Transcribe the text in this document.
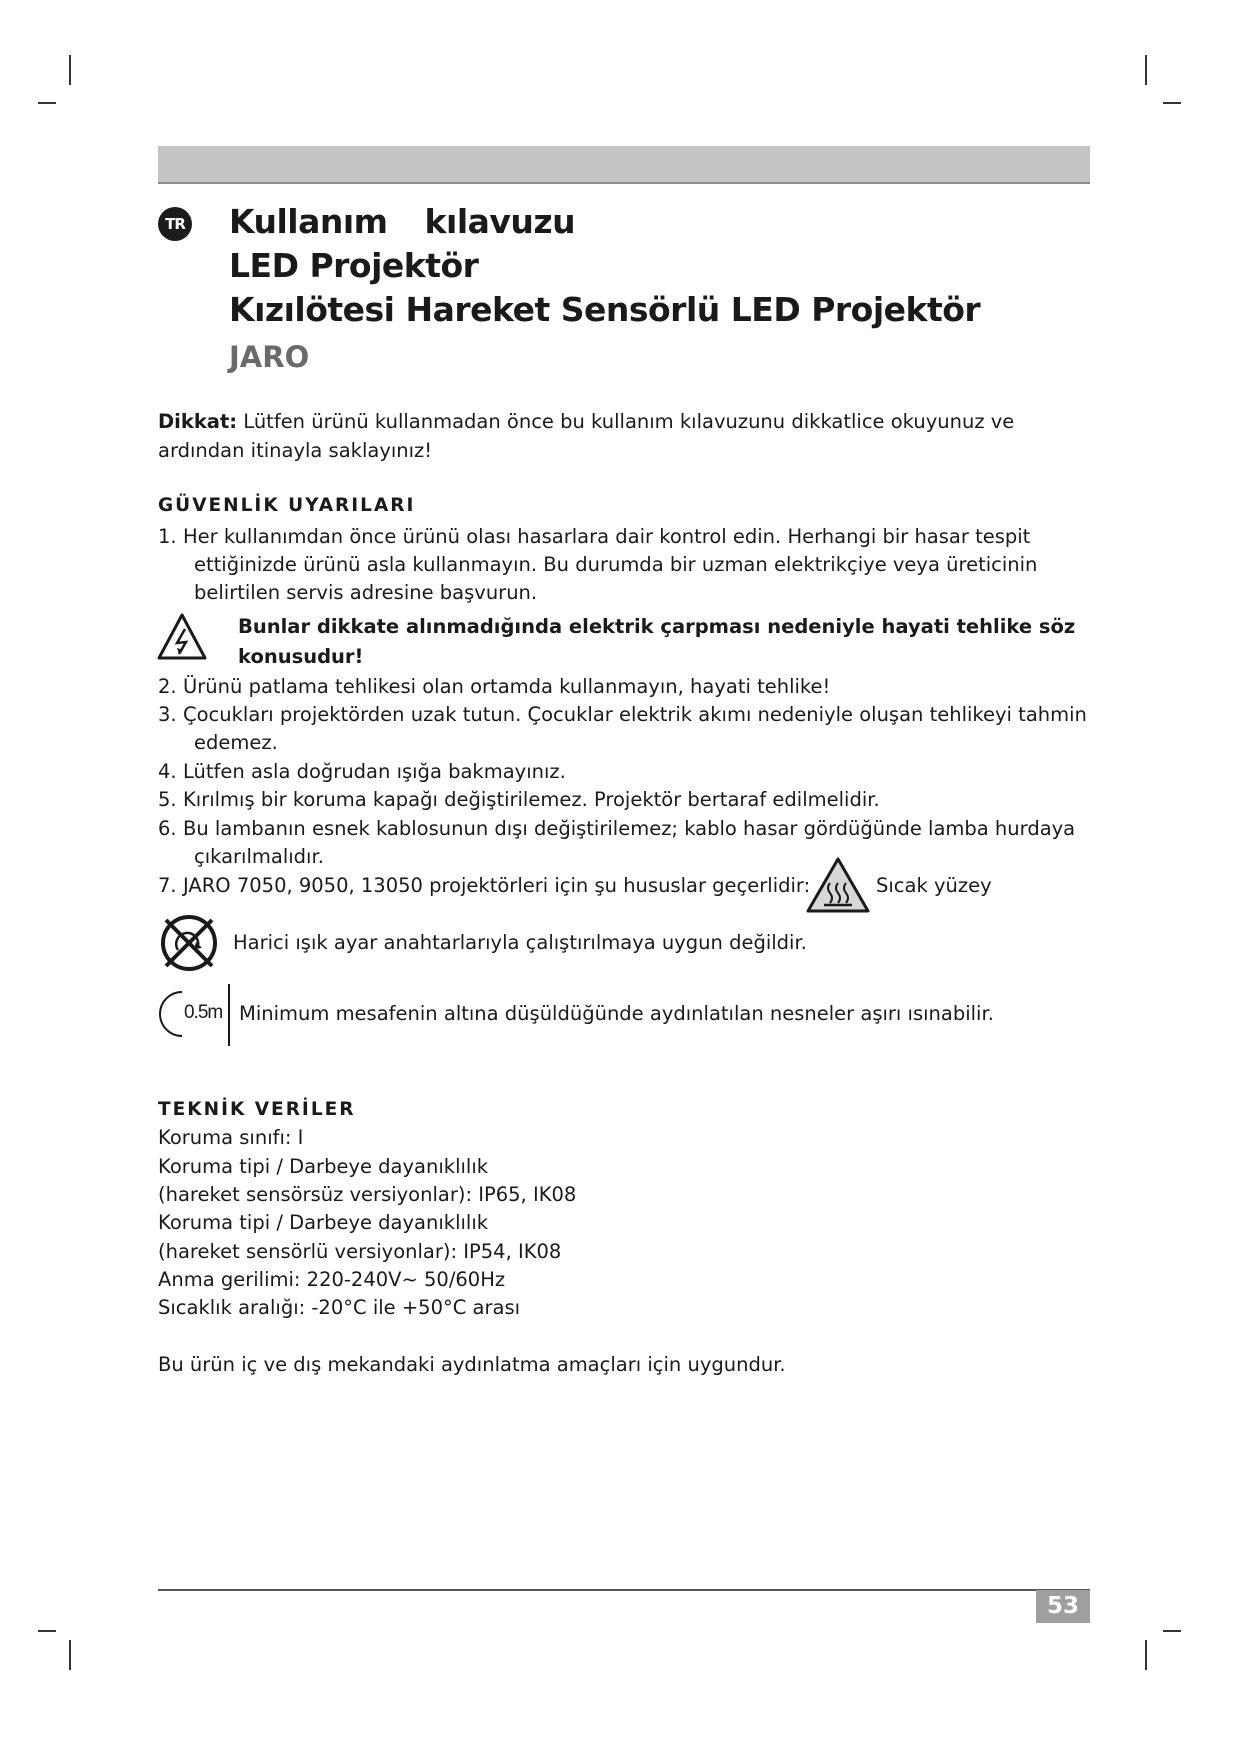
TR Kullanım kılavuzu
LED Projektör
Kızılötesi Hareket Sensörlü LED Projektör
JARO
Dikkat: Lütfen ürünü kullanmadan önce bu kullanım kılavuzunu dikkatlice okuyunuz ve ardından itinayla saklayınız!
GÜVENLİK UYARILARI
1. Her kullanımdan önce ürünü olası hasarlara dair kontrol edin. Herhangi bir hasar tespit
ettiğinizde ürünü asla kullanmayın. Bu durumda bir uzman elektrikçiye veya üreticinin
belirtilen servis adresine başvurun.
Bunlar dikkate alınmadığında elektrik çarpması nedeniyle hayati tehlike söz konusudur!
2. Ürünü patlama tehlikesi olan ortamda kullanmayın, hayati tehlike!
3. Çocukları projektörden uzak tutun. Çocuklar elektrik akımı nedeniyle oluşan tehlikeyi tahmin
edemez.
4. Lütfen asla doğrudan ışığa bakmayınız.
5. Kırılmış bir koruma kapağı değiştirilemez. Projektör bertaraf edilmelidir.
6. Bu lambanın esnek kablosunun dışı değiştirilemez; kablo hasar gördüğünde lamba hurdaya
çıkarılmalıdır.
7. JARO 7050, 9050, 13050 projektörleri için şu hususlar geçerlidir:	Sıcak yüzey
Harici ışık ayar anahtarlarıyla çalıştırılmaya uygun değildir.
0.5m Minimum mesafenin altına düşüldüğünde aydınlatılan nesneler aşırı ısınabilir.
TEKNİK VERİLER
Koruma sınıfı: I
Koruma tipi / Darbeye dayanıklılık
(hareket sensörsüz versiyonlar): IP65, IK08
Koruma tipi / Darbeye dayanıklılık
(hareket sensörlü versiyonlar): IP54, IK08
Anma gerilimi: 220-240V~ 50/60Hz
Sıcaklık aralığı: -20°C ile +50°C arası
Bu ürün iç ve dış mekandaki aydınlatma amaçları için uygundur.
53
